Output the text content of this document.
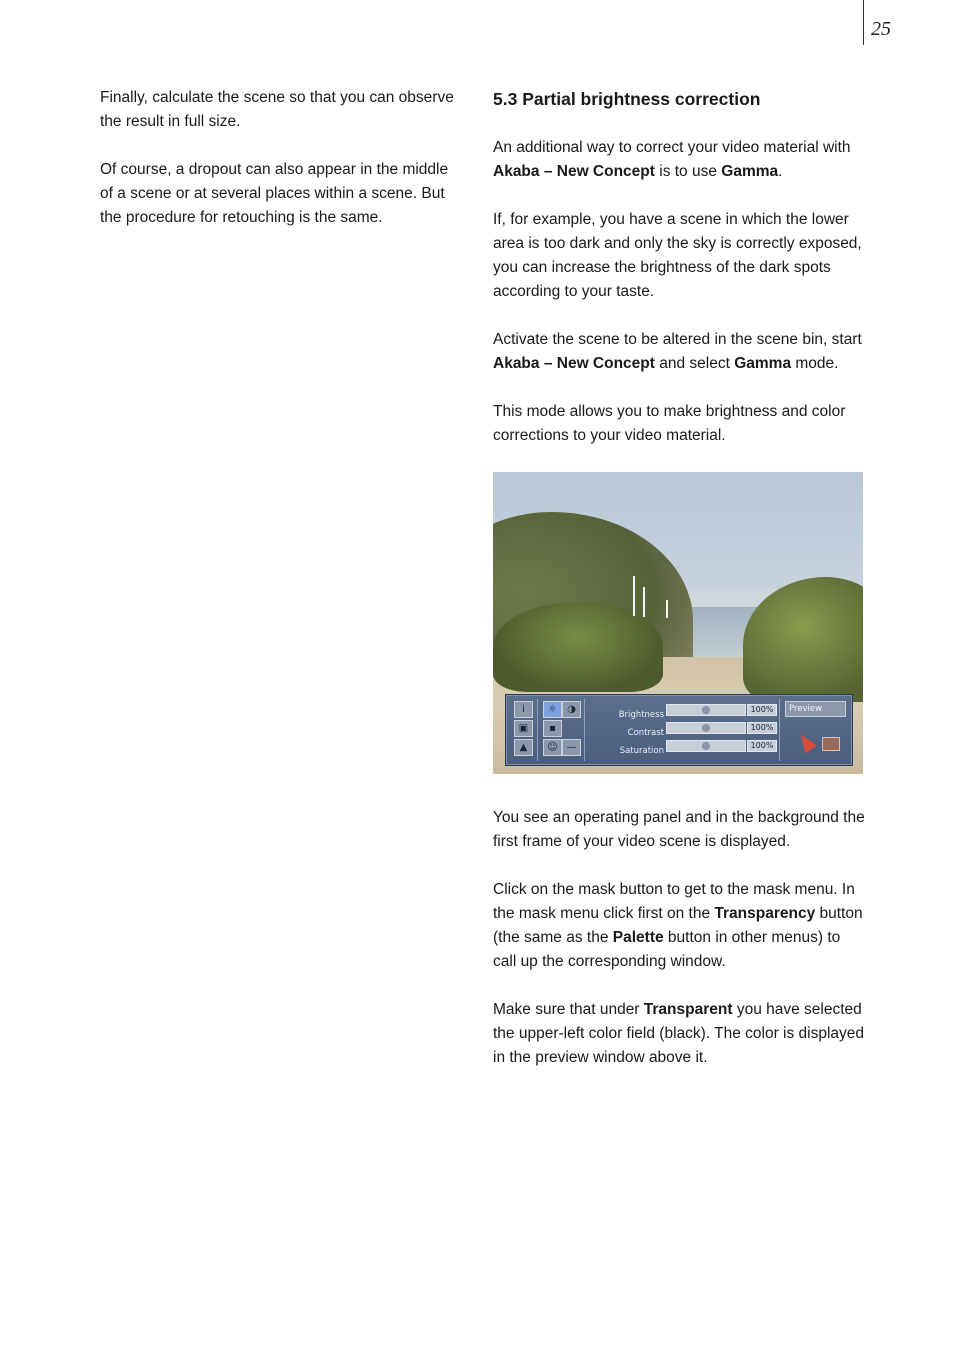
25

Finally, calculate the scene so that you can observe the result in full size.

Of course, a dropout can also appear in the middle of a scene or at several places within a scene. But the procedure for retouching is the same.

5.3 Partial brightness correction

An additional way to correct your video material with Akaba – New Concept is to use Gamma.

If, for example, you have a scene in which the lower area is too dark and only the sky is correctly exposed, you can increase the brightness of the dark spots according to your taste.

Activate the scene to be altered in the scene bin, start Akaba – New Concept and select Gamma mode.

This mode allows you to make brightness and color corrections to your video material.

i
▣
▲
☼	◑
▪
☺ —
Brightness
100%
Contrast
100%
Saturation
100%
Preview

You see an operating panel and in the background the first frame of your video scene is displayed.

Click on the mask button to get to the mask menu. In the mask menu click first on the Transparency button (the same as the Palette button in other menus) to call up the corresponding window.

Make sure that under Transparent you have selected the upper-left color field (black). The color is displayed in the preview window above it.
